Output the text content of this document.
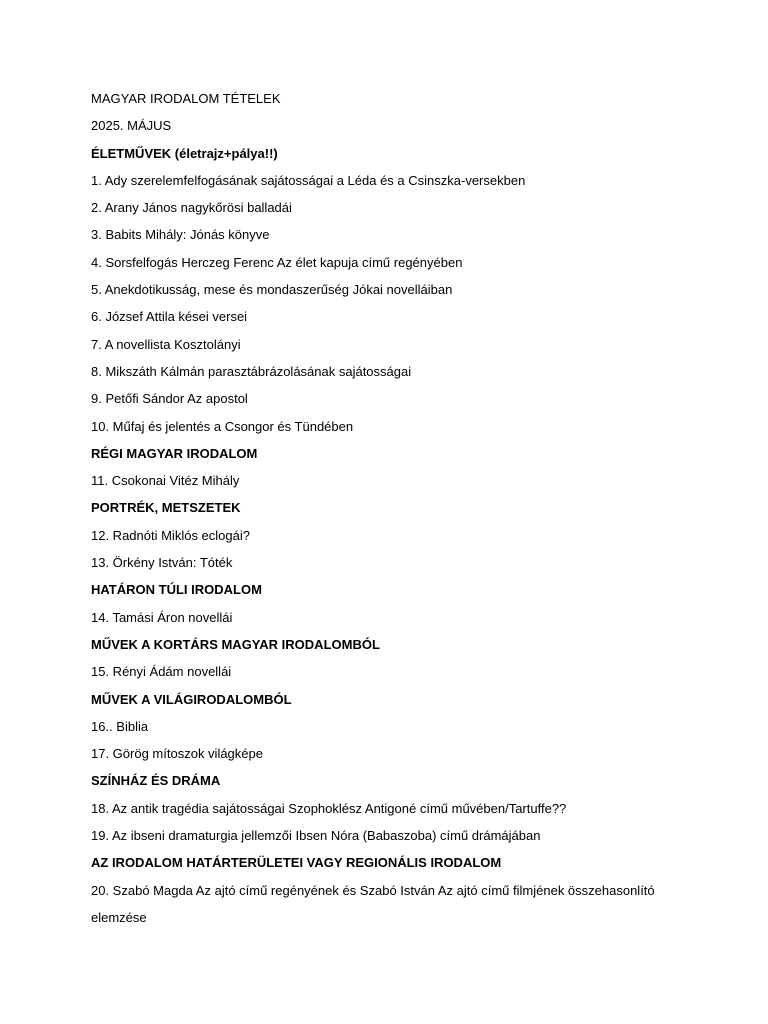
MAGYAR IRODALOM TÉTELEK

2025. MÁJUS

ÉLETMŰVEK (életrajz+pálya!!)

1. Ady szerelemfelfogásának sajátosságai a Léda és a Csinszka-versekben

2. Arany János nagykőrösi balladái

3. Babits Mihály: Jónás könyve

4. Sorsfelfogás Herczeg Ferenc Az élet kapuja című regényében

5. Anekdotikusság, mese és mondaszerűség Jókai novelláiban

6. József Attila kései versei

7. A novellista Kosztolányi

8. Mikszáth Kálmán parasztábrázolásának sajátosságai

9. Petőfi Sándor Az apostol

10. Műfaj és jelentés a Csongor és Tündében

RÉGI MAGYAR IRODALOM

11. Csokonai Vitéz Mihály

PORTRÉK, METSZETEK

12. Radnóti Miklós eclogái?

13. Örkény István: Tóték

HATÁRON TÚLI IRODALOM

14. Tamási Áron novellái

MŰVEK A KORTÁRS MAGYAR IRODALOMBÓL

15. Rényi Ádám novellái

MŰVEK A VILÁGIRODALOMBÓL

16.. Biblia

17. Görög mítoszok világképe

SZÍNHÁZ ÉS DRÁMA

18. Az antik tragédia sajátosságai Szophoklész Antigoné című művében/Tartuffe??

19. Az ibseni dramaturgia jellemzői Ibsen Nóra (Babaszoba) című drámájában

AZ IRODALOM HATÁRTERÜLETEI VAGY REGIONÁLIS IRODALOM

20. Szabó Magda Az ajtó című regényének és Szabó István Az ajtó című filmjének összehasonlító elemzése
